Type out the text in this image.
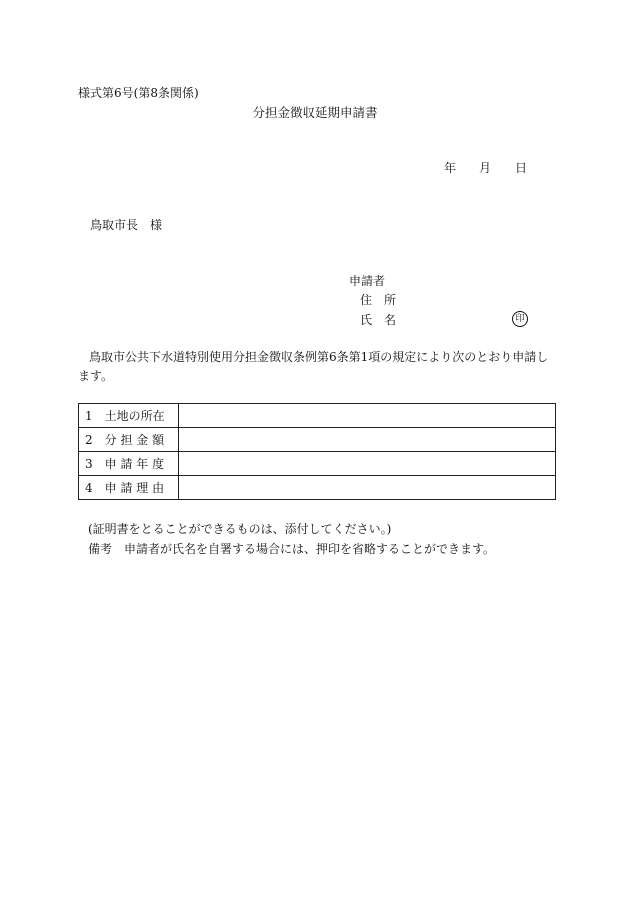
様式第6号(第8条関係)
分担金徴収延期申請書
年 月 日
鳥取市長　様
申請者
住　所
氏　名	印
鳥取市公共下水道特別使用分担金徴収条例第6条第1項の規定により次のとおり申請します。
1　土地の所在	
2　分 担 金 額	
3　申 請 年 度	
4　申 請 理 由	
(証明書をとることができるものは、添付してください。)
備考　申請者が氏名を自署する場合には、押印を省略することができます。
